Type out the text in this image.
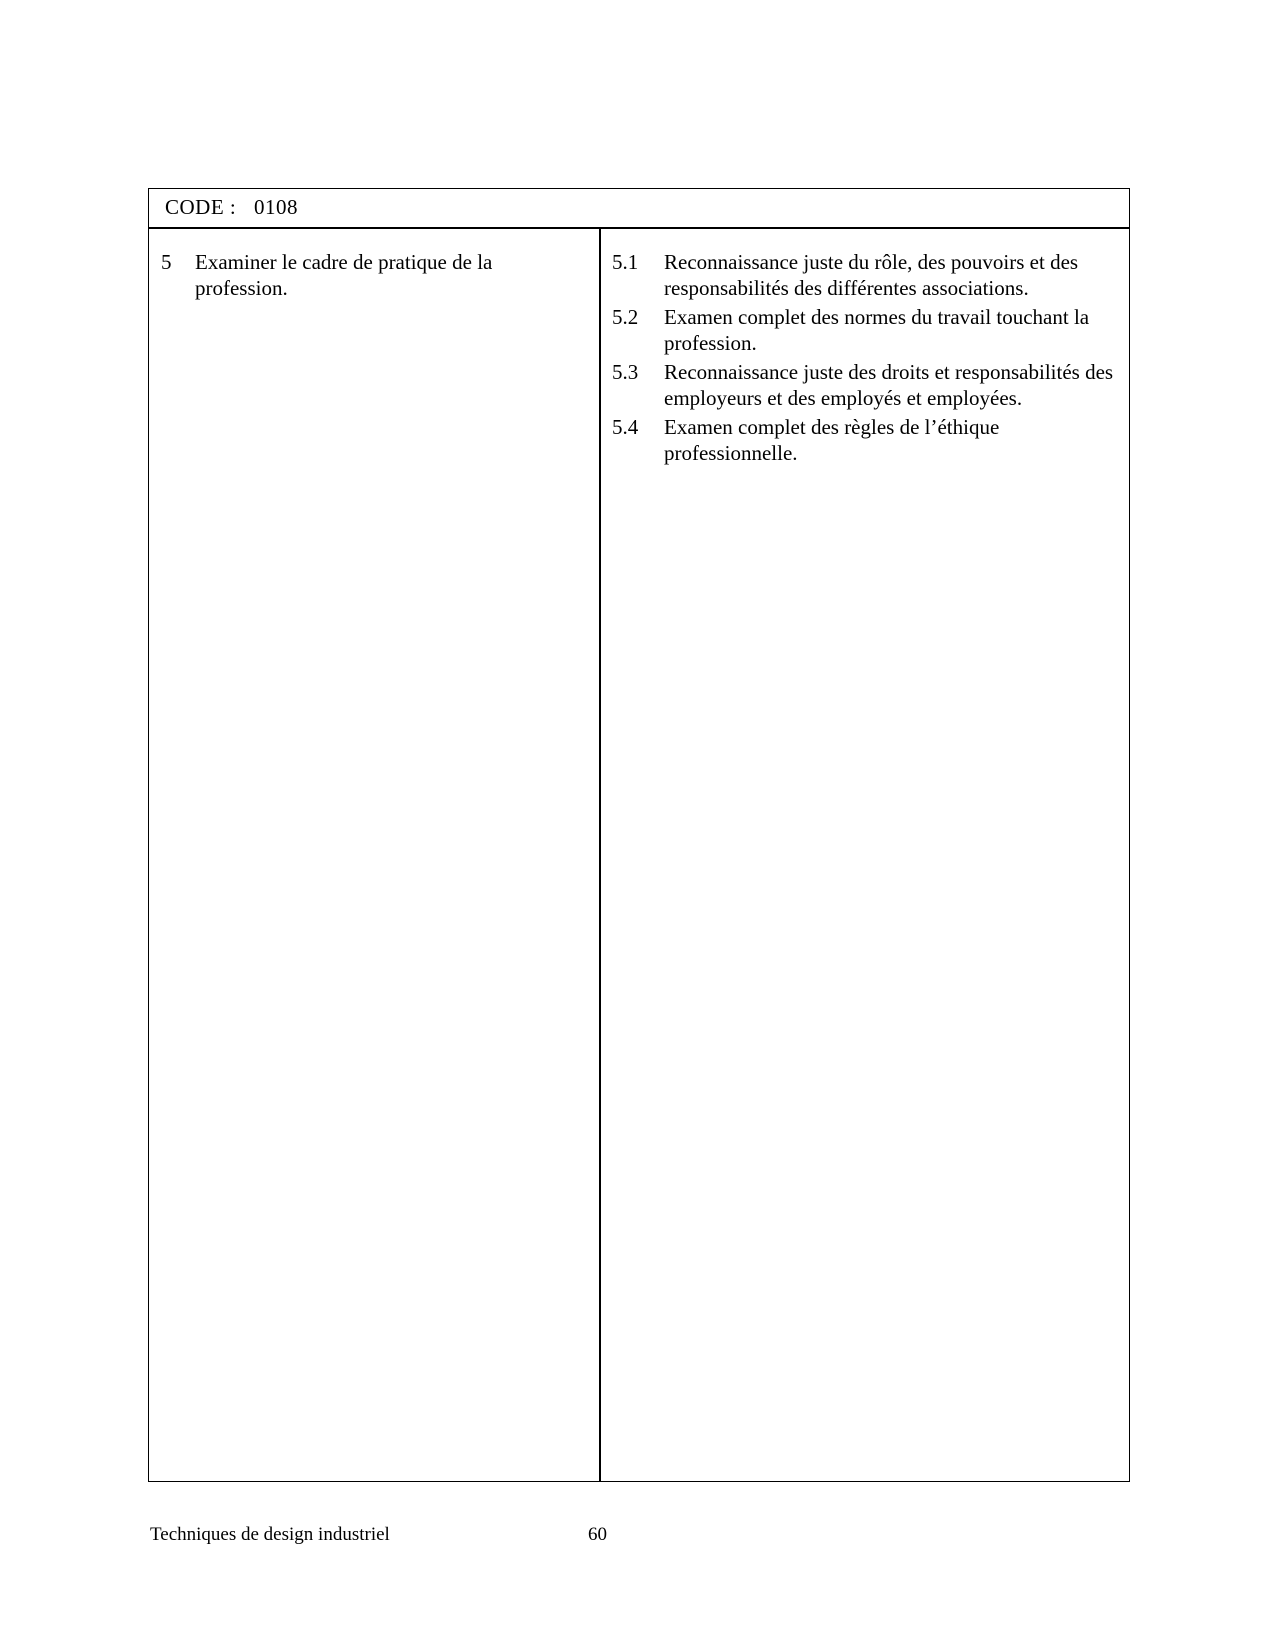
CODE : 0108
5	Examiner le cadre de pratique de la profession.
5.1	Reconnaissance juste du rôle, des pouvoirs et des responsabilités des différentes associations.
5.2	Examen complet des normes du travail touchant la profession.
5.3	Reconnaissance juste des droits et responsabilités des employeurs et des employés et employées.
5.4	Examen complet des règles de l’éthique professionnelle.
Techniques de design industriel	60
